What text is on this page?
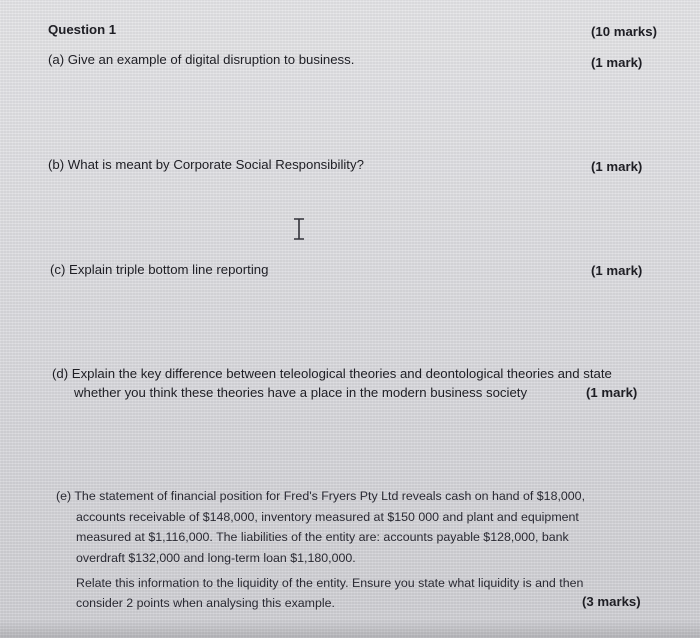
Question 1	(10 marks)
(a) Give an example of digital disruption to business.	(1 mark)
(b) What is meant by Corporate Social Responsibility?	(1 mark)
(c) Explain triple bottom line reporting	(1 mark)
(d) Explain the key difference between teleological theories and deontological theories and state
whether you think these theories have a place in the modern business society	(1 mark)
(e) The statement of financial position for Fred's Fryers Pty Ltd reveals cash on hand of $18,000,
accounts receivable of $148,000, inventory measured at $150 000 and plant and equipment
measured at $1,116,000. The liabilities of the entity are: accounts payable $128,000, bank
overdraft $132,000 and long-term loan $1,180,000.
Relate this information to the liquidity of the entity. Ensure you state what liquidity is and then
consider 2 points when analysing this example.	(3 marks)
